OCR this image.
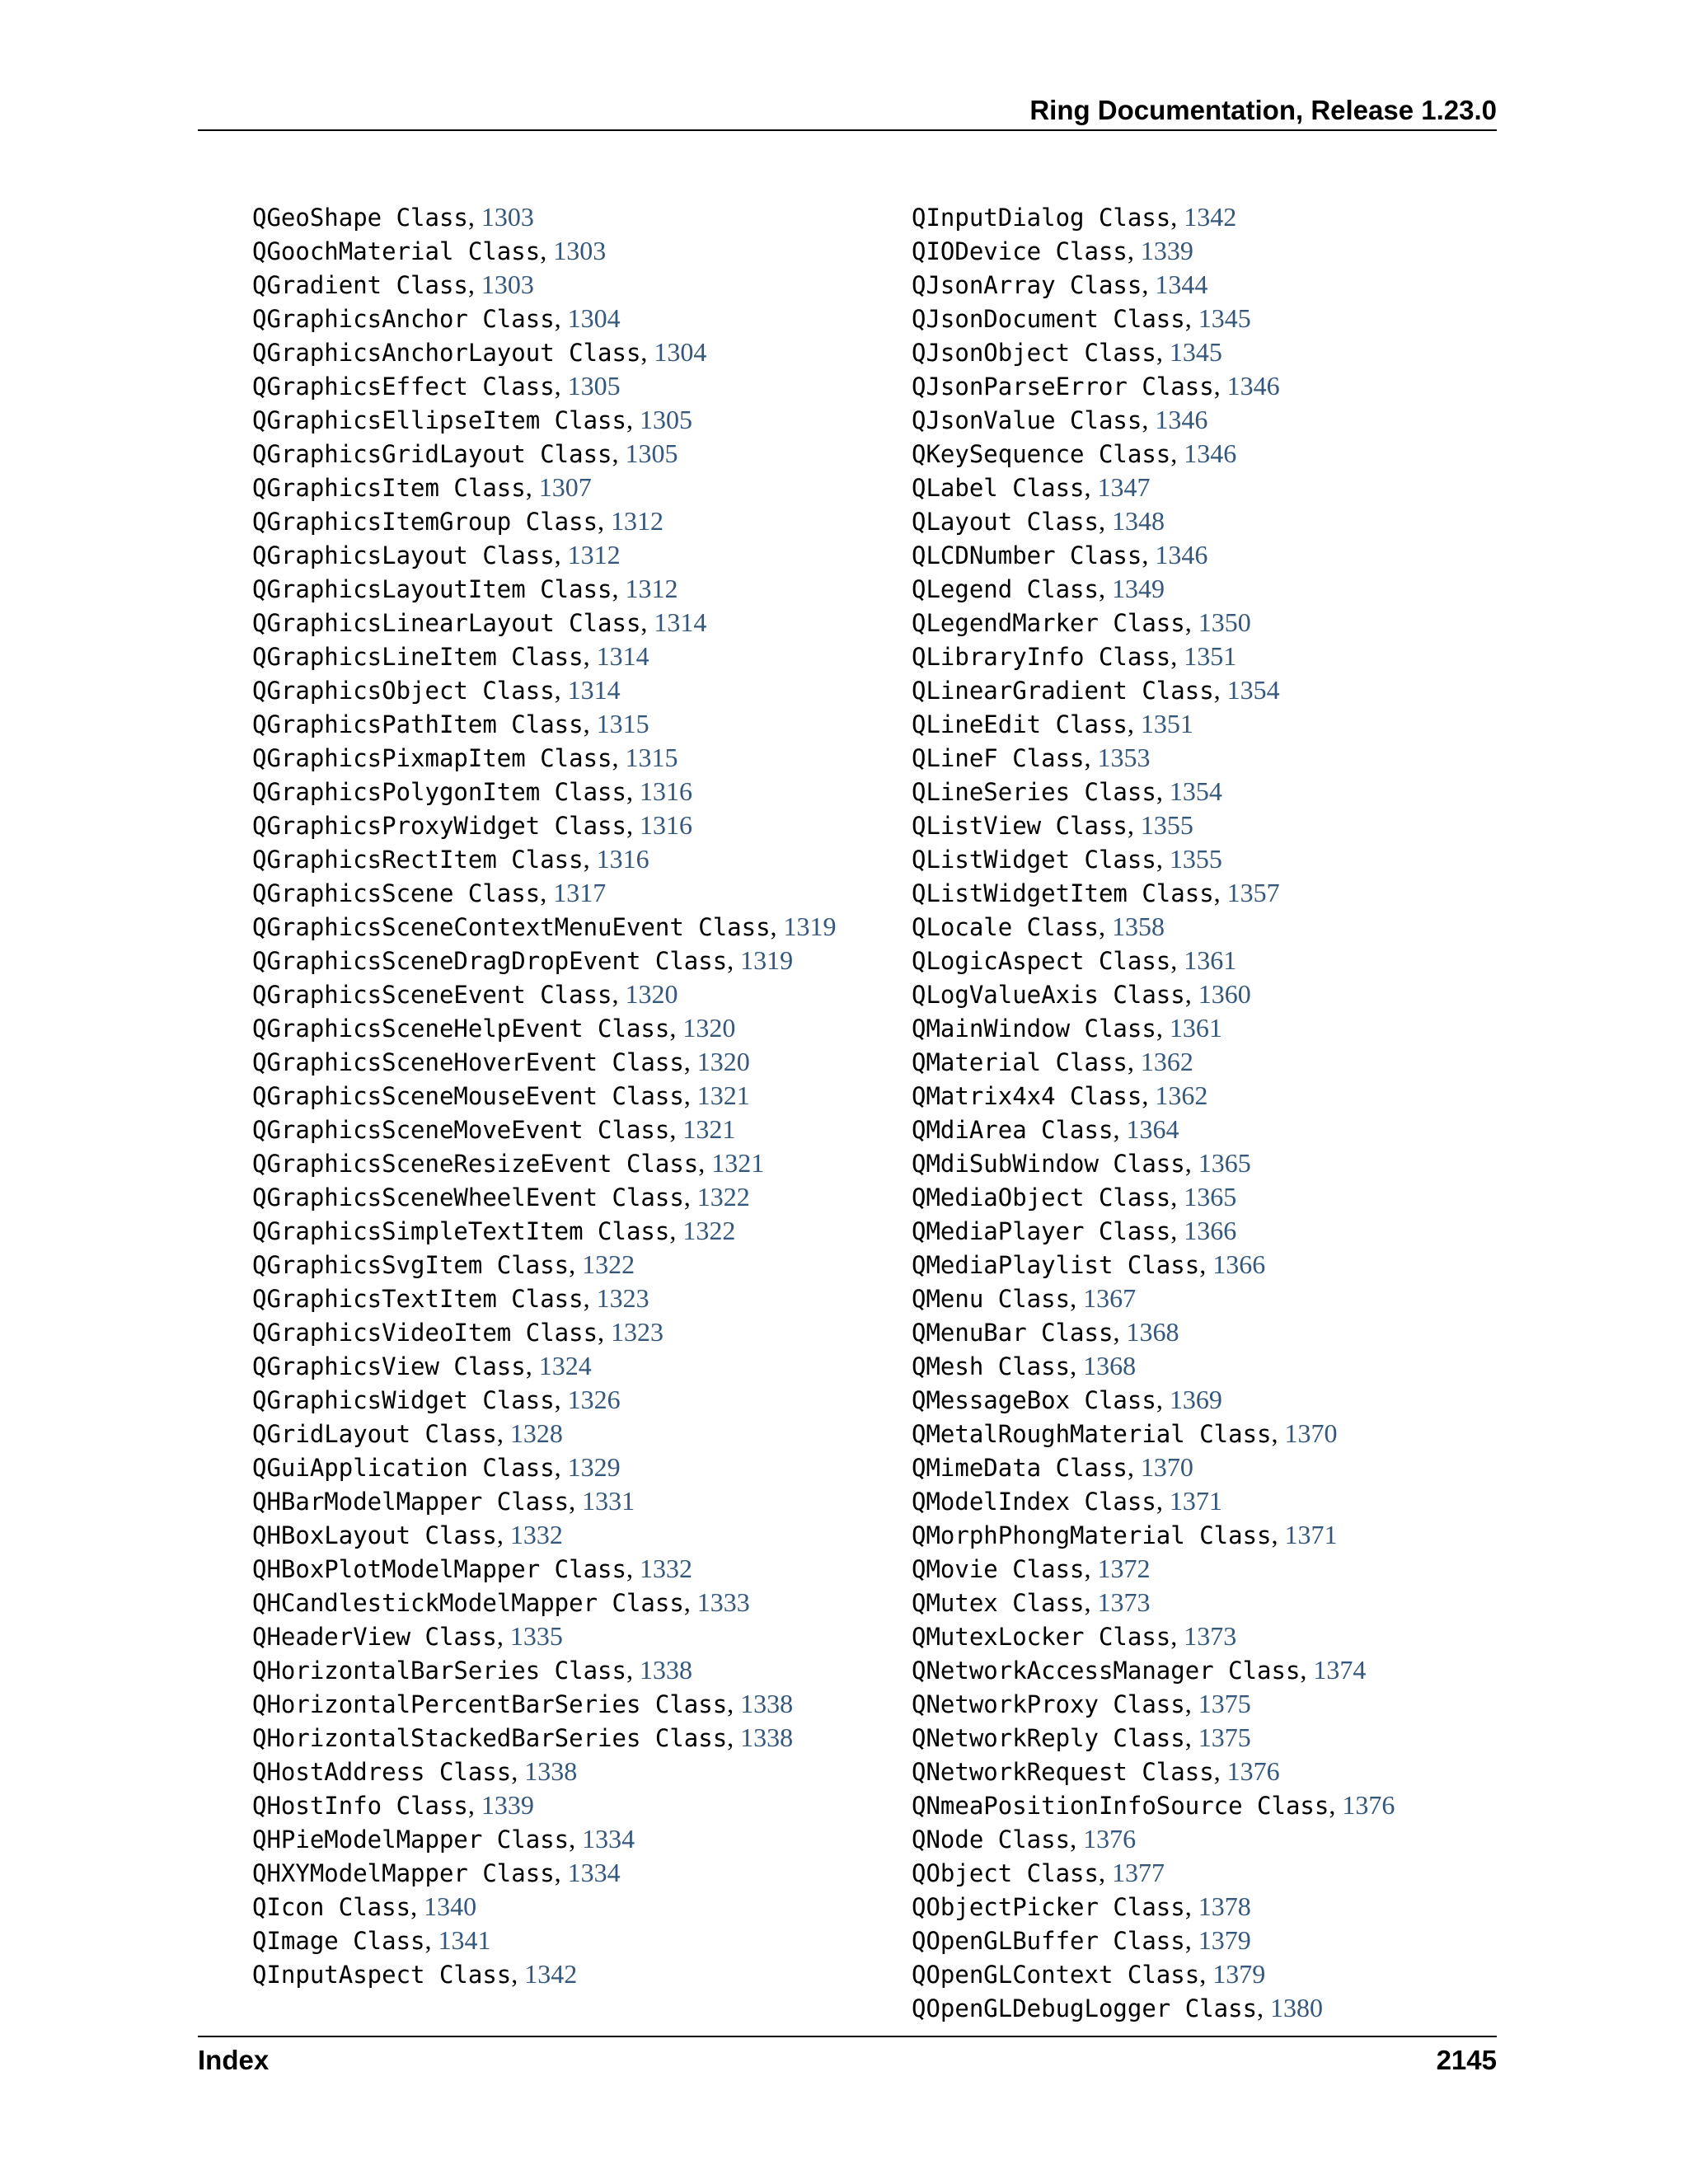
Ring Documentation, Release 1.23.0
QGeoShape Class, 1303
QGoochMaterial Class, 1303
QGradient Class, 1303
QGraphicsAnchor Class, 1304
QGraphicsAnchorLayout Class, 1304
QGraphicsEffect Class, 1305
QGraphicsEllipseItem Class, 1305
QGraphicsGridLayout Class, 1305
QGraphicsItem Class, 1307
QGraphicsItemGroup Class, 1312
QGraphicsLayout Class, 1312
QGraphicsLayoutItem Class, 1312
QGraphicsLinearLayout Class, 1314
QGraphicsLineItem Class, 1314
QGraphicsObject Class, 1314
QGraphicsPathItem Class, 1315
QGraphicsPixmapItem Class, 1315
QGraphicsPolygonItem Class, 1316
QGraphicsProxyWidget Class, 1316
QGraphicsRectItem Class, 1316
QGraphicsScene Class, 1317
QGraphicsSceneContextMenuEvent Class, 1319
QGraphicsSceneDragDropEvent Class, 1319
QGraphicsSceneEvent Class, 1320
QGraphicsSceneHelpEvent Class, 1320
QGraphicsSceneHoverEvent Class, 1320
QGraphicsSceneMouseEvent Class, 1321
QGraphicsSceneMoveEvent Class, 1321
QGraphicsSceneResizeEvent Class, 1321
QGraphicsSceneWheelEvent Class, 1322
QGraphicsSimpleTextItem Class, 1322
QGraphicsSvgItem Class, 1322
QGraphicsTextItem Class, 1323
QGraphicsVideoItem Class, 1323
QGraphicsView Class, 1324
QGraphicsWidget Class, 1326
QGridLayout Class, 1328
QGuiApplication Class, 1329
QHBarModelMapper Class, 1331
QHBoxLayout Class, 1332
QHBoxPlotModelMapper Class, 1332
QHCandlestickModelMapper Class, 1333
QHeaderView Class, 1335
QHorizontalBarSeries Class, 1338
QHorizontalPercentBarSeries Class, 1338
QHorizontalStackedBarSeries Class, 1338
QHostAddress Class, 1338
QHostInfo Class, 1339
QHPieModelMapper Class, 1334
QHXYModelMapper Class, 1334
QIcon Class, 1340
QImage Class, 1341
QInputAspect Class, 1342
QInputDialog Class, 1342
QIODevice Class, 1339
QJsonArray Class, 1344
QJsonDocument Class, 1345
QJsonObject Class, 1345
QJsonParseError Class, 1346
QJsonValue Class, 1346
QKeySequence Class, 1346
QLabel Class, 1347
QLayout Class, 1348
QLCDNumber Class, 1346
QLegend Class, 1349
QLegendMarker Class, 1350
QLibraryInfo Class, 1351
QLinearGradient Class, 1354
QLineEdit Class, 1351
QLineF Class, 1353
QLineSeries Class, 1354
QListView Class, 1355
QListWidget Class, 1355
QListWidgetItem Class, 1357
QLocale Class, 1358
QLogicAspect Class, 1361
QLogValueAxis Class, 1360
QMainWindow Class, 1361
QMaterial Class, 1362
QMatrix4x4 Class, 1362
QMdiArea Class, 1364
QMdiSubWindow Class, 1365
QMediaObject Class, 1365
QMediaPlayer Class, 1366
QMediaPlaylist Class, 1366
QMenu Class, 1367
QMenuBar Class, 1368
QMesh Class, 1368
QMessageBox Class, 1369
QMetalRoughMaterial Class, 1370
QMimeData Class, 1370
QModelIndex Class, 1371
QMorphPhongMaterial Class, 1371
QMovie Class, 1372
QMutex Class, 1373
QMutexLocker Class, 1373
QNetworkAccessManager Class, 1374
QNetworkProxy Class, 1375
QNetworkReply Class, 1375
QNetworkRequest Class, 1376
QNmeaPositionInfoSource Class, 1376
QNode Class, 1376
QObject Class, 1377
QObjectPicker Class, 1378
QOpenGLBuffer Class, 1379
QOpenGLContext Class, 1379
QOpenGLDebugLogger Class, 1380
Index	2145
